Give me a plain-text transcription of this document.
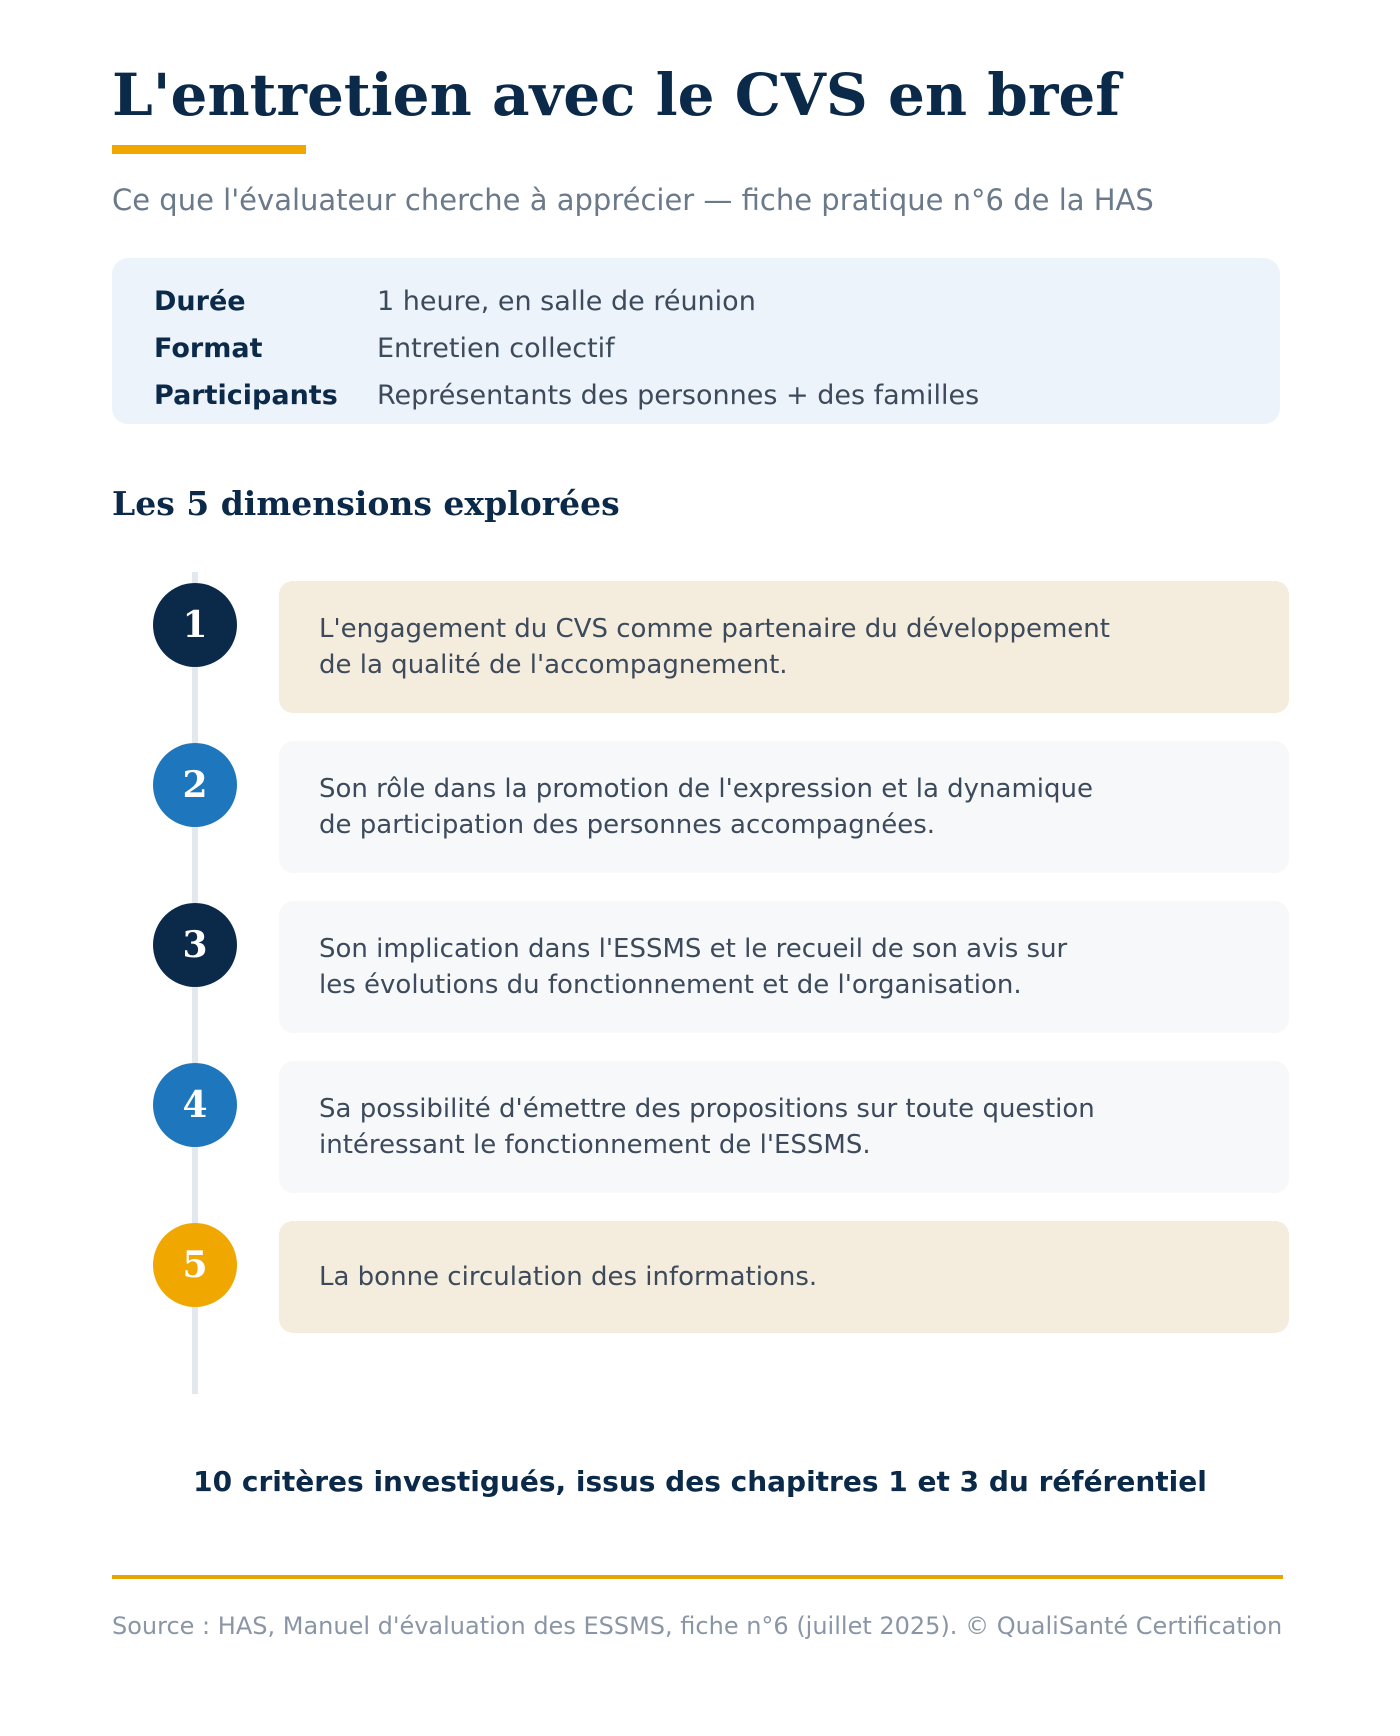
L'entretien avec le CVS en bref
Ce que l'évaluateur cherche à apprécier — fiche pratique n°6 de la HAS
Durée	1 heure, en salle de réunion
Format	Entretien collectif
Participants Représentants des personnes + des familles
Les 5 dimensions explorées
1	L'engagement du CVS comme partenaire du développement
de la qualité de l'accompagnement.
2	Son rôle dans la promotion de l'expression et la dynamique
de participation des personnes accompagnées.
3	Son implication dans l'ESSMS et le recueil de son avis sur
les évolutions du fonctionnement et de l'organisation.
4	Sa possibilité d'émettre des propositions sur toute question
intéressant le fonctionnement de l'ESSMS.
5	La bonne circulation des informations.
10 critères investigués, issus des chapitres 1 et 3 du référentiel
Source : HAS, Manuel d'évaluation des ESSMS, fiche n°6 (juillet 2025). © QualiSanté Certification
